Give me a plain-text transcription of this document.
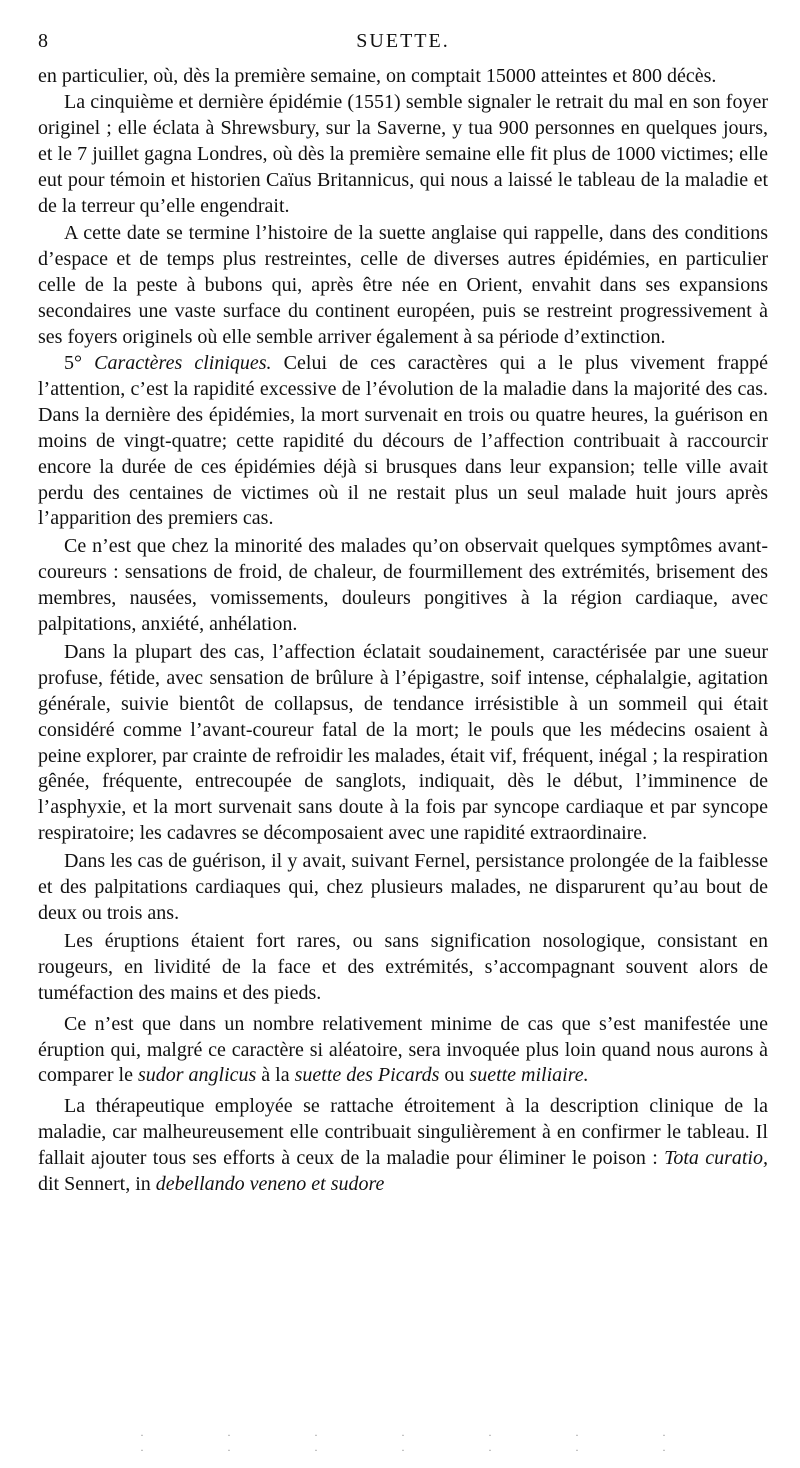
8	SUETTE.

en particulier, où, dès la première semaine, on comptait 15000 atteintes et 800 décès.

La cinquième et dernière épidémie (1551) semble signaler le retrait du mal en son foyer originel ; elle éclata à Shrewsbury, sur la Saverne, y tua 900 personnes en quelques jours, et le 7 juillet gagna Londres, où dès la première semaine elle fit plus de 1000 victimes; elle eut pour témoin et historien Caïus Britannicus, qui nous a laissé le tableau de la maladie et de la terreur qu’elle engendrait.

A cette date se termine l’histoire de la suette anglaise qui rappelle, dans des conditions d’espace et de temps plus restreintes, celle de diverses autres épidémies, en particulier celle de la peste à bubons qui, après être née en Orient, envahit dans ses expansions secondaires une vaste surface du continent européen, puis se restreint progressivement à ses foyers originels où elle semble arriver également à sa période d’extinction.

5° Caractères cliniques. Celui de ces caractères qui a le plus vivement frappé l’attention, c’est la rapidité excessive de l’évolution de la maladie dans la majorité des cas. Dans la dernière des épidémies, la mort survenait en trois ou quatre heures, la guérison en moins de vingt-quatre; cette rapidité du décours de l’affection contribuait à raccourcir encore la durée de ces épidémies déjà si brusques dans leur expansion; telle ville avait perdu des centaines de victimes où il ne restait plus un seul malade huit jours après l’apparition des premiers cas.

Ce n’est que chez la minorité des malades qu’on observait quelques symptômes avant-coureurs : sensations de froid, de chaleur, de fourmillement des extrémités, brisement des membres, nausées, vomissements, douleurs pongitives à la région cardiaque, avec palpitations, anxiété, anhélation.

Dans la plupart des cas, l’affection éclatait soudainement, caractérisée par une sueur profuse, fétide, avec sensation de brûlure à l’épigastre, soif intense, céphalalgie, agitation générale, suivie bientôt de collapsus, de tendance irrésistible à un sommeil qui était considéré comme l’avant-coureur fatal de la mort; le pouls que les médecins osaient à peine explorer, par crainte de refroidir les malades, était vif, fréquent, inégal ; la respiration gênée, fréquente, entrecoupée de sanglots, indiquait, dès le début, l’imminence de l’asphyxie, et la mort survenait sans doute à la fois par syncope cardiaque et par syncope respiratoire; les cadavres se décomposaient avec une rapidité extraordinaire.

Dans les cas de guérison, il y avait, suivant Fernel, persistance prolongée de la faiblesse et des palpitations cardiaques qui, chez plusieurs malades, ne disparurent qu’au bout de deux ou trois ans.

Les éruptions étaient fort rares, ou sans signification nosologique, consistant en rougeurs, en lividité de la face et des extrémités, s’accompagnant souvent alors de tuméfaction des mains et des pieds.

Ce n’est que dans un nombre relativement minime de cas que s’est manifestée une éruption qui, malgré ce caractère si aléatoire, sera invoquée plus loin quand nous aurons à comparer le sudor anglicus à la suette des Picards ou suette miliaire.

La thérapeutique employée se rattache étroitement à la description clinique de la maladie, car malheureusement elle contribuait singulièrement à en confirmer le tableau. Il fallait ajouter tous ses efforts à ceux de la maladie pour éliminer le poison : Tota curatio, dit Sennert, in debellando veneno et sudore

· · · · · · · · · · · · · ·
